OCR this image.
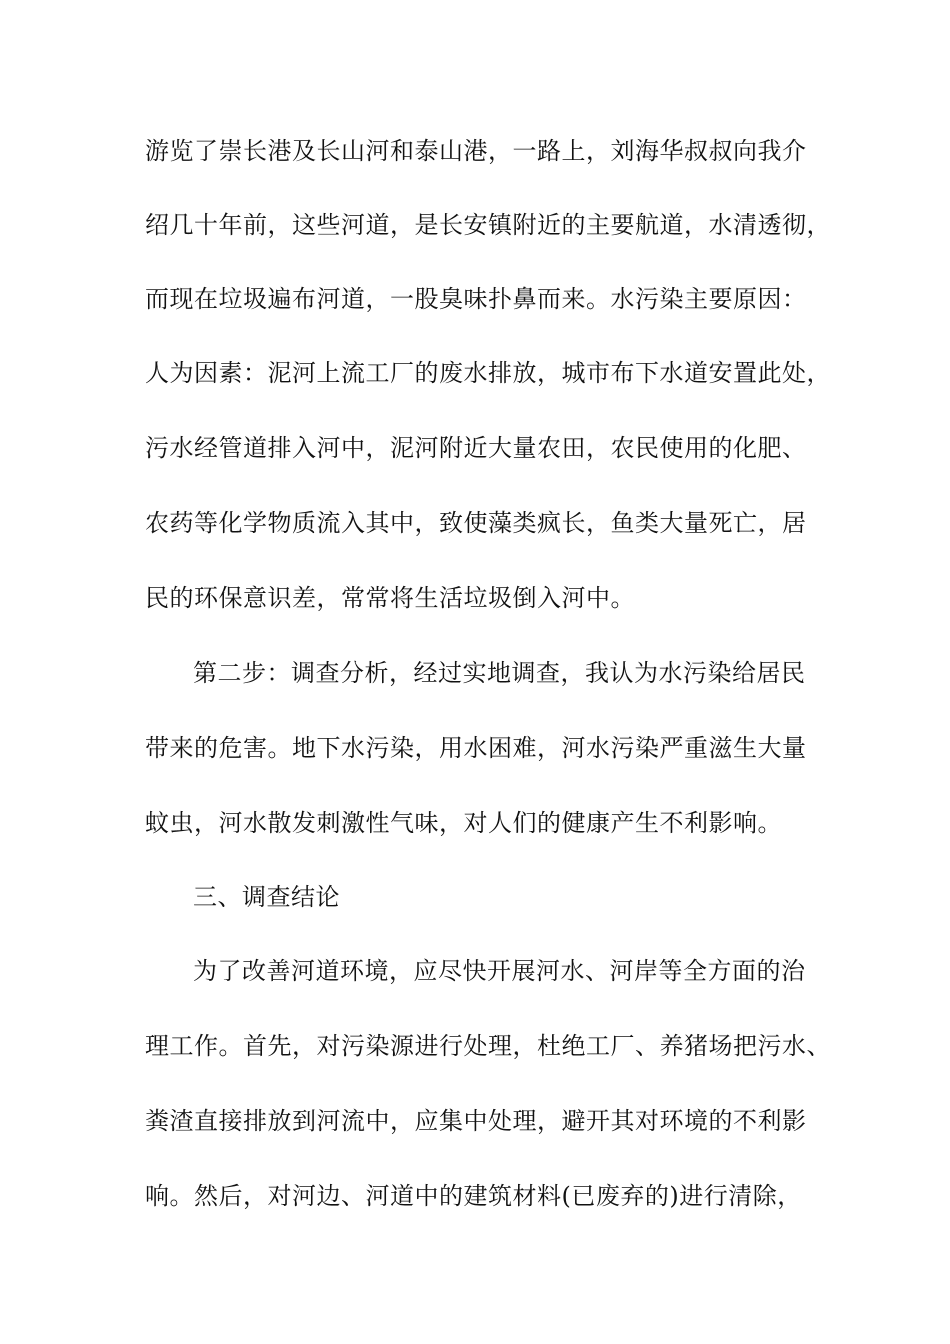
游览了崇长港及长山河和泰山港，一路上，刘海华叔叔向我介
绍几十年前，这些河道，是长安镇附近的主要航道，水清透彻，
而现在垃圾遍布河道，一股臭味扑鼻而来。水污染主要原因：
人为因素：泥河上流工厂的废水排放，城市布下水道安置此处，
污水经管道排入河中，泥河附近大量农田，农民使用的化肥、
农药等化学物质流入其中，致使藻类疯长，鱼类大量死亡，居
民的环保意识差，常常将生活垃圾倒入河中。
第二步：调查分析，经过实地调查，我认为水污染给居民
带来的危害。地下水污染，用水困难，河水污染严重滋生大量
蚊虫，河水散发刺激性气味，对人们的健康产生不利影响。
三、调查结论
为了改善河道环境，应尽快开展河水、河岸等全方面的治
理工作。首先，对污染源进行处理，杜绝工厂、养猪场把污水、
粪渣直接排放到河流中，应集中处理，避开其对环境的不利影
响。然后，对河边、河道中的建筑材料(已废弃的)进行清除，
